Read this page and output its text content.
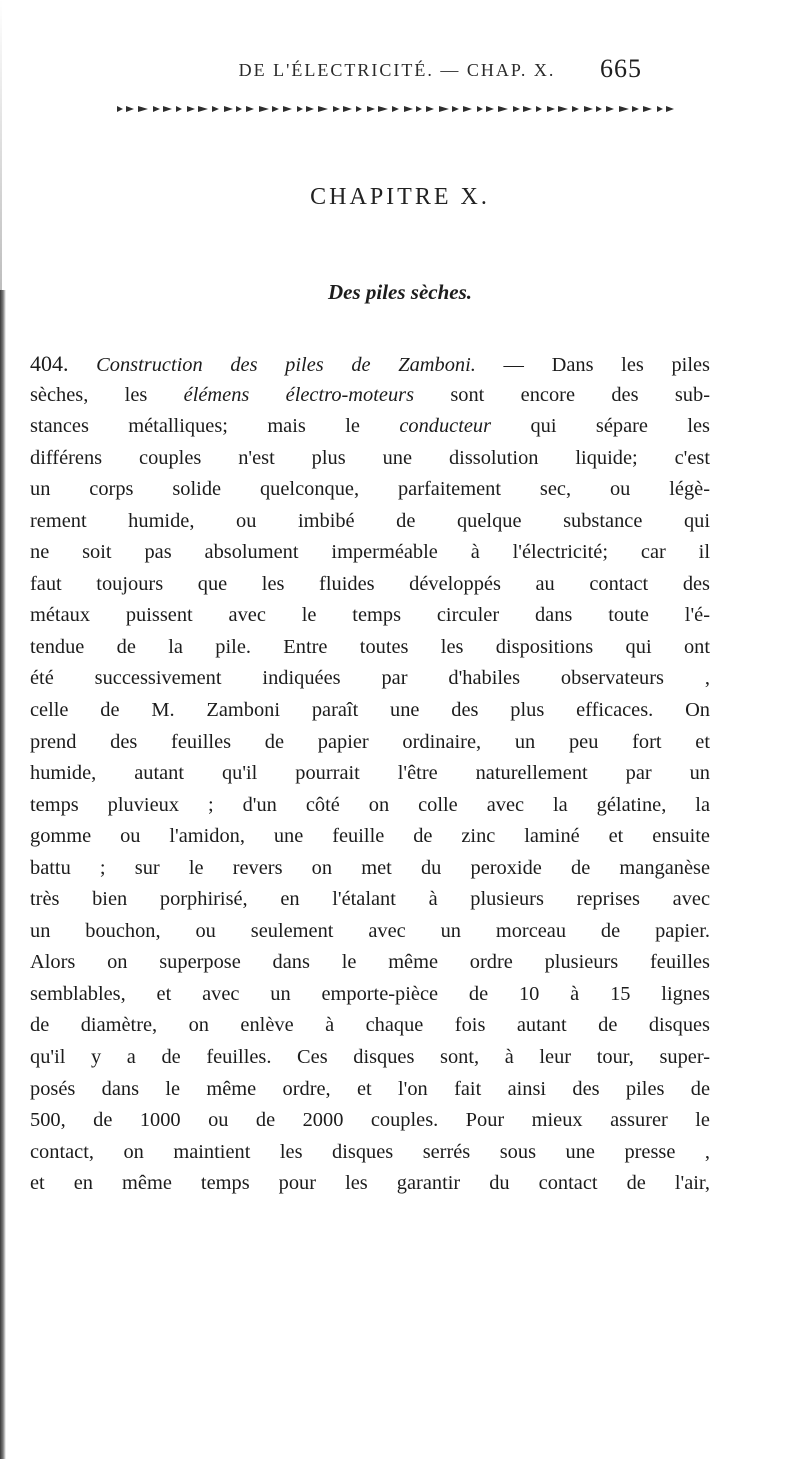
DE L'ÉLECTRICITÉ. — CHAP. X.	665
CHAPITRE X.
Des piles sèches.
404. Construction des piles de Zamboni. — Dans les piles
sèches, les élémens électro-moteurs sont encore des sub-
stances métalliques; mais le conducteur qui sépare les
différens couples n'est plus une dissolution liquide; c'est
un corps solide quelconque, parfaitement sec, ou légè-
rement humide, ou imbibé de quelque substance qui
ne soit pas absolument imperméable à l'électricité; car il
faut toujours que les fluides développés au contact des
métaux puissent avec le temps circuler dans toute l'é-
tendue de la pile. Entre toutes les dispositions qui ont
été successivement indiquées par d'habiles observateurs ,
celle de M. Zamboni paraît une des plus efficaces. On
prend des feuilles de papier ordinaire, un peu fort et
humide, autant qu'il pourrait l'être naturellement par un
temps pluvieux ; d'un côté on colle avec la gélatine, la
gomme ou l'amidon, une feuille de zinc laminé et ensuite
battu ; sur le revers on met du peroxide de manganèse
très bien porphirisé, en l'étalant à plusieurs reprises avec
un bouchon, ou seulement avec un morceau de papier.
Alors on superpose dans le même ordre plusieurs feuilles
semblables, et avec un emporte-pièce de 10 à 15 lignes
de diamètre, on enlève à chaque fois autant de disques
qu'il y a de feuilles. Ces disques sont, à leur tour, super-
posés dans le même ordre, et l'on fait ainsi des piles de
500, de 1000 ou de 2000 couples. Pour mieux assurer le
contact, on maintient les disques serrés sous une presse ,
et en même temps pour les garantir du contact de l'air,
